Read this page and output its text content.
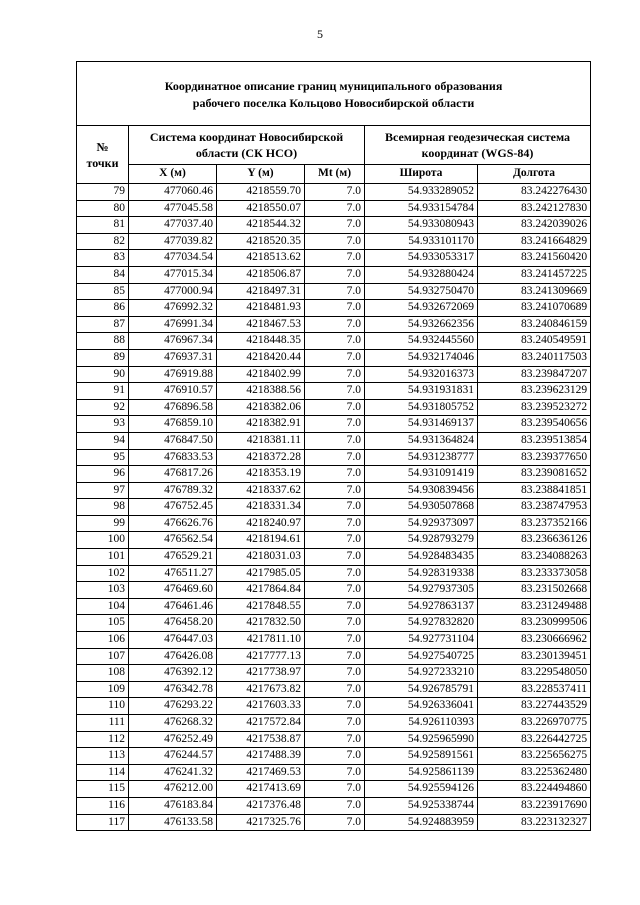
5
Координатное описание границ муниципального образования
рабочего поселка Кольцово Новосибирской области					
№ точки	Система координат Новосибирской области (СК НСО)			Всемирная геодезическая система координат (WGS-84)	
	X (м)	Y (м)	Mt (м)	Широта	Долгота
79	477060.46	4218559.70	7.0	54.933289052	83.242276430
80	477045.58	4218550.07	7.0	54.933154784	83.242127830
81	477037.40	4218544.32	7.0	54.933080943	83.242039026
82	477039.82	4218520.35	7.0	54.933101170	83.241664829
83	477034.54	4218513.62	7.0	54.933053317	83.241560420
84	477015.34	4218506.87	7.0	54.932880424	83.241457225
85	477000.94	4218497.31	7.0	54.932750470	83.241309669
86	476992.32	4218481.93	7.0	54.932672069	83.241070689
87	476991.34	4218467.53	7.0	54.932662356	83.240846159
88	476967.34	4218448.35	7.0	54.932445560	83.240549591
89	476937.31	4218420.44	7.0	54.932174046	83.240117503
90	476919.88	4218402.99	7.0	54.932016373	83.239847207
91	476910.57	4218388.56	7.0	54.931931831	83.239623129
92	476896.58	4218382.06	7.0	54.931805752	83.239523272
93	476859.10	4218382.91	7.0	54.931469137	83.239540656
94	476847.50	4218381.11	7.0	54.931364824	83.239513854
95	476833.53	4218372.28	7.0	54.931238777	83.239377650
96	476817.26	4218353.19	7.0	54.931091419	83.239081652
97	476789.32	4218337.62	7.0	54.930839456	83.238841851
98	476752.45	4218331.34	7.0	54.930507868	83.238747953
99	476626.76	4218240.97	7.0	54.929373097	83.237352166
100	476562.54	4218194.61	7.0	54.928793279	83.236636126
101	476529.21	4218031.03	7.0	54.928483435	83.234088263
102	476511.27	4217985.05	7.0	54.928319338	83.233373058
103	476469.60	4217864.84	7.0	54.927937305	83.231502668
104	476461.46	4217848.55	7.0	54.927863137	83.231249488
105	476458.20	4217832.50	7.0	54.927832820	83.230999506
106	476447.03	4217811.10	7.0	54.927731104	83.230666962
107	476426.08	4217777.13	7.0	54.927540725	83.230139451
108	476392.12	4217738.97	7.0	54.927233210	83.229548050
109	476342.78	4217673.82	7.0	54.926785791	83.228537411
110	476293.22	4217603.33	7.0	54.926336041	83.227443529
111	476268.32	4217572.84	7.0	54.926110393	83.226970775
112	476252.49	4217538.87	7.0	54.925965990	83.226442725
113	476244.57	4217488.39	7.0	54.925891561	83.225656275
114	476241.32	4217469.53	7.0	54.925861139	83.225362480
115	476212.00	4217413.69	7.0	54.925594126	83.224494860
116	476183.84	4217376.48	7.0	54.925338744	83.223917690
117	476133.58	4217325.76	7.0	54.924883959	83.223132327
